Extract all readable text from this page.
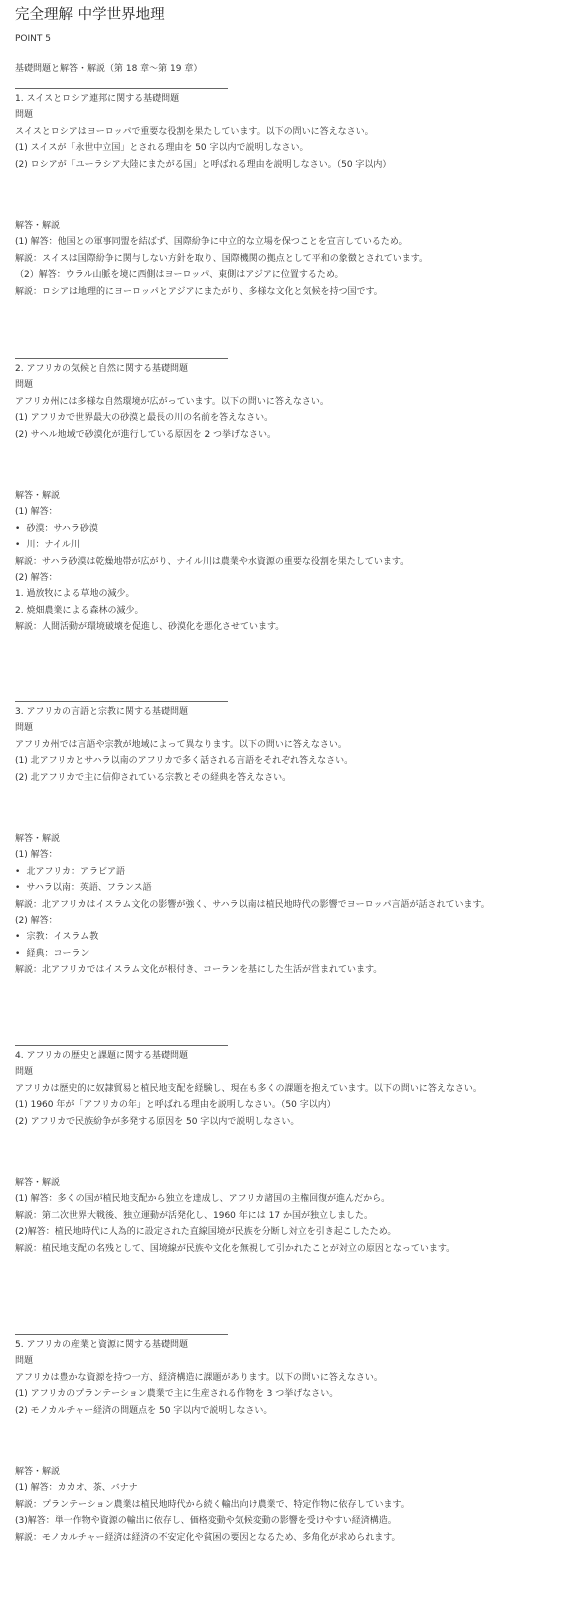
完全理解 中学世界地理
POINT 5
基礎問題と解答・解説（第 18 章〜第 19 章）
1. スイスとロシア連邦に関する基礎問題
問題
スイスとロシアはヨーロッパで重要な役割を果たしています。以下の問いに答えなさい。
(1) スイスが「永世中立国」とされる理由を 50 字以内で説明しなさい。
(2) ロシアが「ユーラシア大陸にまたがる国」と呼ばれる理由を説明しなさい。（50 字以内）
解答・解説
(1) 解答：他国との軍事同盟を結ばず、国際紛争に中立的な立場を保つことを宣言しているため。
解説：スイスは国際紛争に関与しない方針を取り、国際機関の拠点として平和の象徴とされています。
（2）解答：ウラル山脈を境に西側はヨーロッパ、東側はアジアに位置するため。
解説：ロシアは地理的にヨーロッパとアジアにまたがり、多様な文化と気候を持つ国です。
2. アフリカの気候と自然に関する基礎問題
問題
アフリカ州には多様な自然環境が広がっています。以下の問いに答えなさい。
(1) アフリカで世界最大の砂漠と最長の川の名前を答えなさい。
(2) サヘル地域で砂漠化が進行している原因を 2 つ挙げなさい。
解答・解説
(1) 解答：
•	砂漠：サハラ砂漠
•	川：ナイル川
解説：サハラ砂漠は乾燥地帯が広がり、ナイル川は農業や水資源の重要な役割を果たしています。
(2) 解答：
1.	過放牧による草地の減少。
2.	焼畑農業による森林の減少。
解説：人間活動が環境破壊を促進し、砂漠化を悪化させています。
3. アフリカの言語と宗教に関する基礎問題
問題
アフリカ州では言語や宗教が地域によって異なります。以下の問いに答えなさい。
(1) 北アフリカとサハラ以南のアフリカで多く話される言語をそれぞれ答えなさい。
(2) 北アフリカで主に信仰されている宗教とその経典を答えなさい。
解答・解説
(1) 解答：
•	北アフリカ：アラビア語
•	サハラ以南：英語、フランス語
解説：北アフリカはイスラム文化の影響が強く、サハラ以南は植民地時代の影響でヨーロッパ言語が話されています。
(2) 解答：
•	宗教：イスラム教
•	経典：コーラン
解説：北アフリカではイスラム文化が根付き、コーランを基にした生活が営まれています。
4. アフリカの歴史と課題に関する基礎問題
問題
アフリカは歴史的に奴隷貿易と植民地支配を経験し、現在も多くの課題を抱えています。以下の問いに答えなさい。
(1) 1960 年が「アフリカの年」と呼ばれる理由を説明しなさい。（50 字以内）
(2) アフリカで民族紛争が多発する原因を 50 字以内で説明しなさい。
解答・解説
(1) 解答：多くの国が植民地支配から独立を達成し、アフリカ諸国の主権回復が進んだから。
解説：第二次世界大戦後、独立運動が活発化し、1960 年には 17 か国が独立しました。
(2)解答：植民地時代に人為的に設定された直線国境が民族を分断し対立を引き起こしたため。
解説：植民地支配の名残として、国境線が民族や文化を無視して引かれたことが対立の原因となっています。
5. アフリカの産業と資源に関する基礎問題
問題
アフリカは豊かな資源を持つ一方、経済構造に課題があります。以下の問いに答えなさい。
(1) アフリカのプランテーション農業で主に生産される作物を 3 つ挙げなさい。
(2) モノカルチャー経済の問題点を 50 字以内で説明しなさい。
解答・解説
(1) 解答：カカオ、茶、バナナ
解説：プランテーション農業は植民地時代から続く輸出向け農業で、特定作物に依存しています。
(3)解答：単一作物や資源の輸出に依存し、価格変動や気候変動の影響を受けやすい経済構造。
解説：モノカルチャー経済は経済の不安定化や貧困の要因となるため、多角化が求められます。
